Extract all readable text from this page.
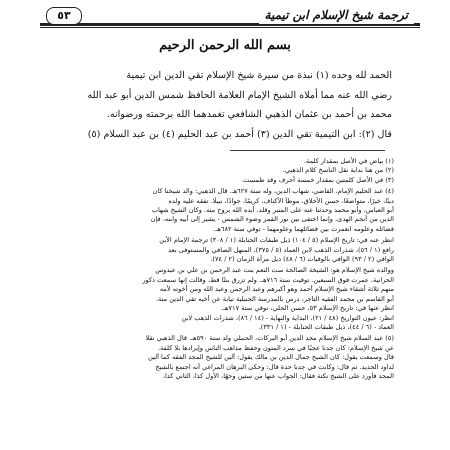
ترجمة شيخ الإسلام ابن تيمية
٥٣
بسم الله الرحمن الرحيم

الحمد لله وحده (١) نبذة من سيرة شيخ الإسلام تقي الدين ابن تيمية

رضي الله عنه مما أملاه الشيخ الإمام العلامة الحافظ شمس الدين أبو عبد الله

محمد بن أحمد بن عثمان الذهبي الشافعي تغمدهما الله برحمته ورضوانه.

قال (٢): ابن التيمية تقي الدين (٣) أحمد بن عبد الحليم (٤) بن عبد السلام (٥)

(١) بياض في الأصل بمقدار كلمة.

(٢) من هنا بداية نقل الناسخ كلام الذهبي.

(٣) في الأصل كلمتين بمقدار خمسة أحرف وقد طمست.

(٤) عبد الحليم الإمام، القاضي، شهاب الدين، وله ستة ٦٢٧هـ. قال الذهبي: والد شيخنا كان

دينًا، خيرًا، متواضعًا، حسن الأخلاق، موطأ الأكناف، كريمًا، جوادًا، نبيلًا. تفقه عليه ولده

أبو العباس، وأبو محمد وحدثنا عنه على المنبر وقلد، أيده الله بروح منه. وكان الشيخ شهاب

الدين من أنجم الهدى، وإنما اختفى بين نور القمر وضوء الشمس - يشير إلى أبيه وابنه، فإن

فضائله وعلومه انغمرت بين فضائلهما وعلومهما - توفي ستة ٦٨٢هـ.

انظر عنه في: تاريخ الإسلام (٥ / ١٠٤) ذيل طبقات الحنابلة (١ / ٣٠٨) ترجمة الإمام الأبن

رافع (١ / ٥٦)، شذرات الذهب لابن العماد (٥ / ٣٧٥)، المنهل الصافي والمستوفى بعد

الوافي (٢ / ٩٣) الوافي بالوفيات (٦ / ٤٨) ذيل مرآة الزمان (٢ / ٧٤).

ووالده شيخ الإسلام هو: الشيخة الصالحة ست النعم بنت عبد الرحمن بن علي بن عبدوس

الحرانية، عمرت فوق السبعين. توفيت ستة ٧١٦هـ. ولم تزرق بنتًا قط، وقالت إنها سمعت ذكور

منهم ثلاثة أشقاء شيخ الإسلام أحمد وهو أكبرهم وعبد الرحمن وعبد الله ومن أخوته لأمه

أبو القاسم بن محمد الفقيه التاجر، درس بالمدرسة الحنبلية نيابة عن أخيه تقي الدين منة.

انظر عنها في: تاريخ الإسلام ٥٣، حسن الحلي، توفي ستة ٧١٧هـ.

انظر: عيون التواريخ (٤٨ / ٢١)، البداية والنهاية - (١٤ / ٨٦)، شذرات الذهب لابن

العماد - (٦ / ٤٤)، ذيل طبقات الحنابلة - (١ / ٣٣١).

(٥) عبد السلام شيخ الإسلام مجد الدين أبو البركات، الحنبلي ولد ستة ٥٩٠هـ. قال الذهبي نقلا

عن شيخ الإسلام: كان جدنا عجبًا في سرد المتون وحفظ مذاهب الناس وإيرادها بلا كلفة.

قال وسمعت يقول: كان الشيخ جمال الدين بن مالك يقول: أُلين للشيخ المجد الفقه كما أُلين

لداود الحديد. ثم قال: وكانت في جدنا حدة قال: وحكى البرهان المراغي أنه اجتمع بالشيخ

المجد فأورد على الشيخ نكتة فقال: الجواب عنها من ستين وجهًا، الأول كذا، الثاني كذا،
